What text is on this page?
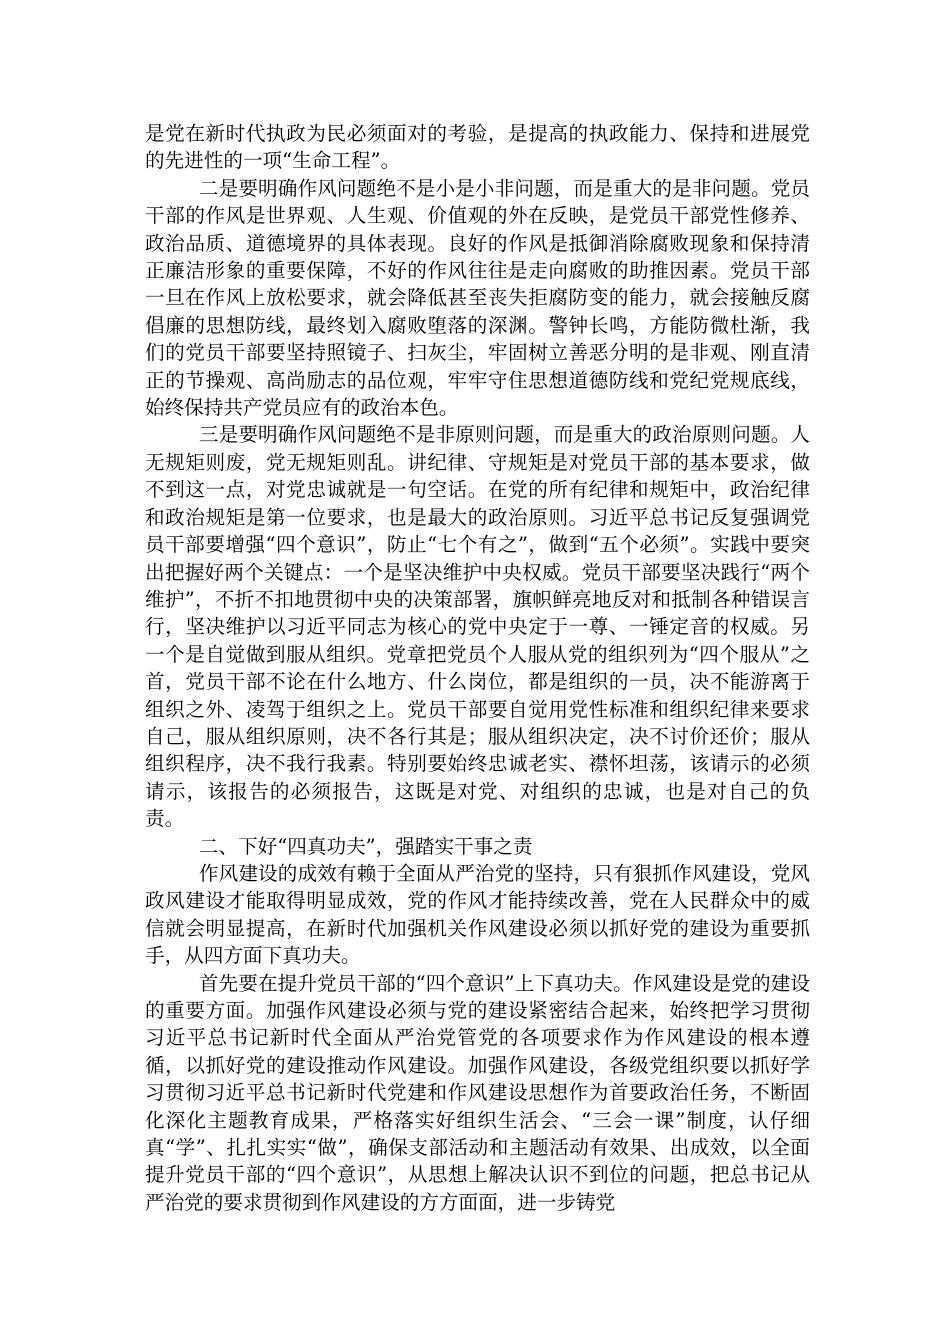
是党在新时代执政为民必须面对的考验，是提高的执政能力、保持和进展党的先进性的一项“生命工程”。

二是要明确作风问题绝不是小是小非问题，而是重大的是非问题。党员干部的作风是世界观、人生观、价值观的外在反映，是党员干部党性修养、政治品质、道德境界的具体表现。良好的作风是抵御消除腐败现象和保持清正廉洁形象的重要保障，不好的作风往往是走向腐败的助推因素。党员干部一旦在作风上放松要求，就会降低甚至丧失拒腐防变的能力，就会接触反腐倡廉的思想防线，最终划入腐败堕落的深渊。警钟长鸣，方能防微杜渐，我们的党员干部要坚持照镜子、扫灰尘，牢固树立善恶分明的是非观、刚直清正的节操观、高尚励志的品位观，牢牢守住思想道德防线和党纪党规底线，始终保持共产党员应有的政治本色。

三是要明确作风问题绝不是非原则问题，而是重大的政治原则问题。人无规矩则废，党无规矩则乱。讲纪律、守规矩是对党员干部的基本要求，做不到这一点，对党忠诚就是一句空话。在党的所有纪律和规矩中，政治纪律和政治规矩是第一位要求，也是最大的政治原则。习近平总书记反复强调党员干部要增强“四个意识”，防止“七个有之”，做到“五个必须”。实践中要突出把握好两个关键点：一个是坚决维护中央权威。党员干部要坚决践行“两个维护”，不折不扣地贯彻中央的决策部署，旗帜鲜亮地反对和抵制各种错误言行，坚决维护以习近平同志为核心的党中央定于一尊、一锤定音的权威。另一个是自觉做到服从组织。党章把党员个人服从党的组织列为“四个服从”之首，党员干部不论在什么地方、什么岗位，都是组织的一员，决不能游离于组织之外、凌驾于组织之上。党员干部要自觉用党性标准和组织纪律来要求自己，服从组织原则，决不各行其是；服从组织决定，决不讨价还价；服从组织程序，决不我行我素。特别要始终忠诚老实、襟怀坦荡，该请示的必须请示，该报告的必须报告，这既是对党、对组织的忠诚，也是对自己的负责。

二、下好“四真功夫”，强踏实干事之责

作风建设的成效有赖于全面从严治党的坚持，只有狠抓作风建设，党风政风建设才能取得明显成效，党的作风才能持续改善，党在人民群众中的威信就会明显提高，在新时代加强机关作风建设必须以抓好党的建设为重要抓手，从四方面下真功夫。

首先要在提升党员干部的“四个意识”上下真功夫。作风建设是党的建设的重要方面。加强作风建设必须与党的建设紧密结合起来，始终把学习贯彻习近平总书记新时代全面从严治党管党的各项要求作为作风建设的根本遵循，以抓好党的建设推动作风建设。加强作风建设，各级党组织要以抓好学习贯彻习近平总书记新时代党建和作风建设思想作为首要政治任务，不断固化深化主题教育成果，严格落实好组织生活会、“三会一课”制度，认仔细真“学”、扎扎实实“做”，确保支部活动和主题活动有效果、出成效，以全面提升党员干部的“四个意识”，从思想上解决认识不到位的问题，把总书记从严治党的要求贯彻到作风建设的方方面面，进一步铸党
